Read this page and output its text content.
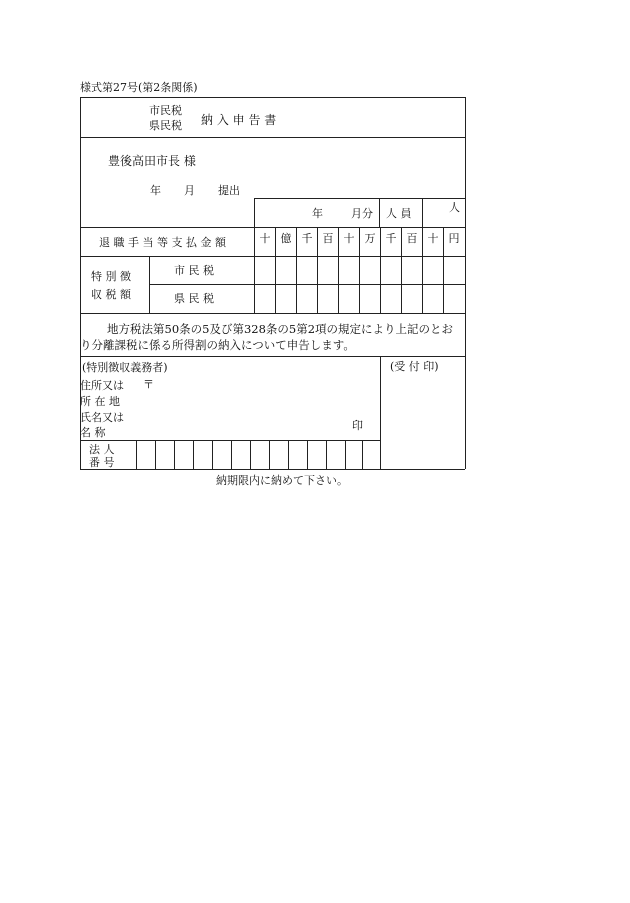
様式第27号(第2条関係)
市民税
県民税 納 入 申 告 書
豊後高田市長 様
年 月 提出
年	月分 人 員	人
退 職 手 当 等 支 払 金 額	十 億 千 百 十 万 千 百 十 円
特 別 徴
収 税 額
市 民 税
県 民 税
地方税法第50条の5及び第328条の5第2項の規定により上記のとお
り分離課税に係る所得割の納入について申告します。
(受 付 印)
(特別徴収義務者)
住所又は 〒
所 在 地
氏名又は
名 称
印
法 人
番 号
納期限内に納めて下さい。
